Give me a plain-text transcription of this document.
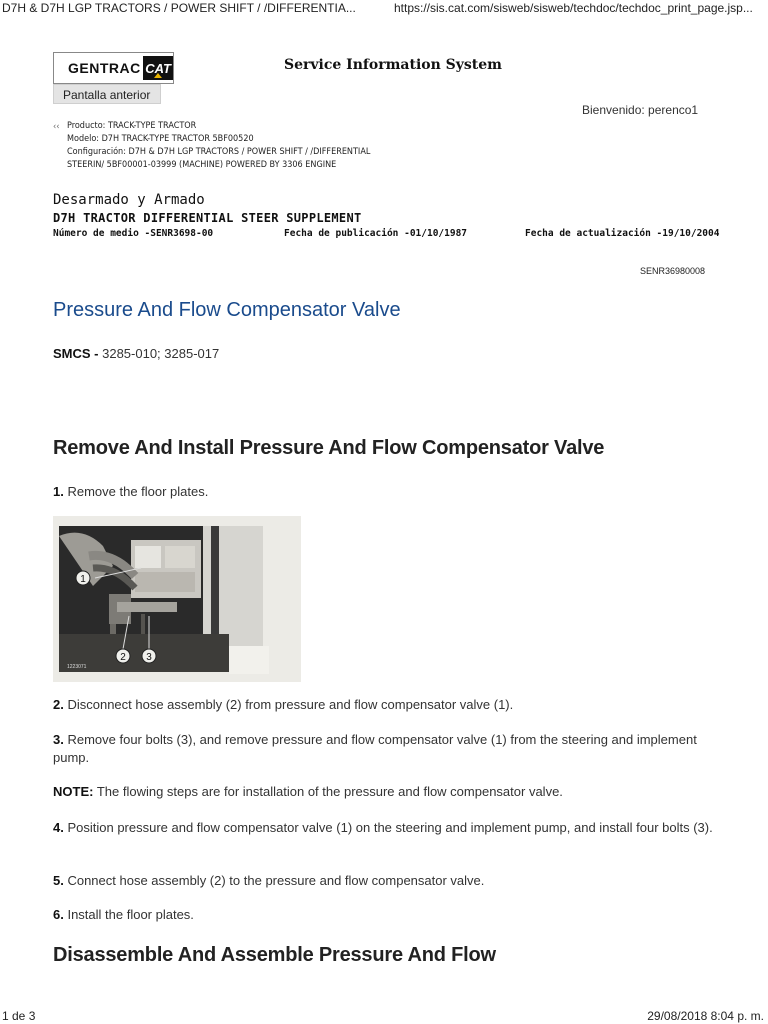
D7H & D7H LGP TRACTORS / POWER SHIFT / /DIFFERENTIA...	https://sis.cat.com/sisweb/sisweb/techdoc/techdoc_print_page.jsp...
GENTRAC CAT	Service Information System
Pantalla anterior
Bienvenido: perenco1
‹‹ Producto: TRACK-TYPE TRACTOR
Modelo: D7H TRACK-TYPE TRACTOR 5BF00520
Configuración: D7H & D7H LGP TRACTORS / POWER SHIFT / /DIFFERENTIAL
STEERIN/ 5BF00001-03999 (MACHINE) POWERED BY 3306 ENGINE
Desarmado y Armado
D7H TRACTOR DIFFERENTIAL STEER SUPPLEMENT
Número de medio -SENR3698-00	Fecha de publicación -01/10/1987	Fecha de actualización -19/10/2004
SENR36980008
Pressure And Flow Compensator Valve
SMCS - 3285-010; 3285-017
Remove And Install Pressure And Flow Compensator Valve
1. Remove the floor plates.
1
2 3
1223071
2. Disconnect hose assembly (2) from pressure and flow compensator valve (1).
3. Remove four bolts (3), and remove pressure and flow compensator valve (1) from the steering and implement pump.
NOTE: The flowing steps are for installation of the pressure and flow compensator valve.
4. Position pressure and flow compensator valve (1) on the steering and implement pump, and install four bolts (3).
5. Connect hose assembly (2) to the pressure and flow compensator valve.
6. Install the floor plates.
Disassemble And Assemble Pressure And Flow
1 de 3	29/08/2018 8:04 p. m.
